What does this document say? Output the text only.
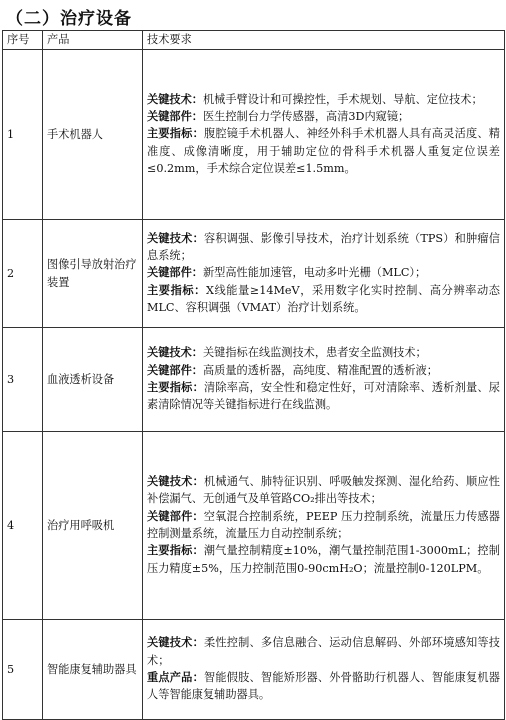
（二）治疗设备
序号	产品	技术要求
1	手术机器人	关键技术：机械手臂设计和可操控性，手术规划、导航、定位技术；
关键部件：医生控制台力学传感器，高清3D内窥镜；
主要指标：腹腔镜手术机器人、神经外科手术机器人具有高灵活度、精准度、成像清晰度，用于辅助定位的骨科手术机器人重复定位误差≤0.2mm，手术综合定位误差≤1.5mm。

2	图像引导放射治疗装置	关键技术：容积调强、影像引导技术，治疗计划系统（TPS）和肿瘤信息系统；
关键部件：新型高性能加速管，电动多叶光栅（MLC）；
主要指标：X线能量≥14MeV，采用数字化实时控制、高分辨率动态MLC、容积调强（VMAT）治疗计划系统。

3	血液透析设备	关键技术：关键指标在线监测技术，患者安全监测技术；
关键部件：高质量的透析器，高纯度、精准配置的透析液；
主要指标：清除率高，安全性和稳定性好，可对清除率、透析剂量、尿素清除情况等关键指标进行在线监测。

4	治疗用呼吸机	关键技术：机械通气、肺特征识别、呼吸触发探测、湿化给药、顺应性补偿漏气、无创通气及单管路CO₂排出等技术；
关键部件：空氧混合控制系统，PEEP 压力控制系统，流量压力传感器控制测量系统，流量压力自动控制系统；
主要指标：潮气量控制精度±10%，潮气量控制范围1-3000mL；控制压力精度±5%，压力控制范围0-90cmH₂O；流量控制0-120LPM。

5	智能康复辅助器具	关键技术：柔性控制、多信息融合、运动信息解码、外部环境感知等技术；
重点产品：智能假肢、智能矫形器、外骨骼助行机器人、智能康复机器人等智能康复辅助器具。
